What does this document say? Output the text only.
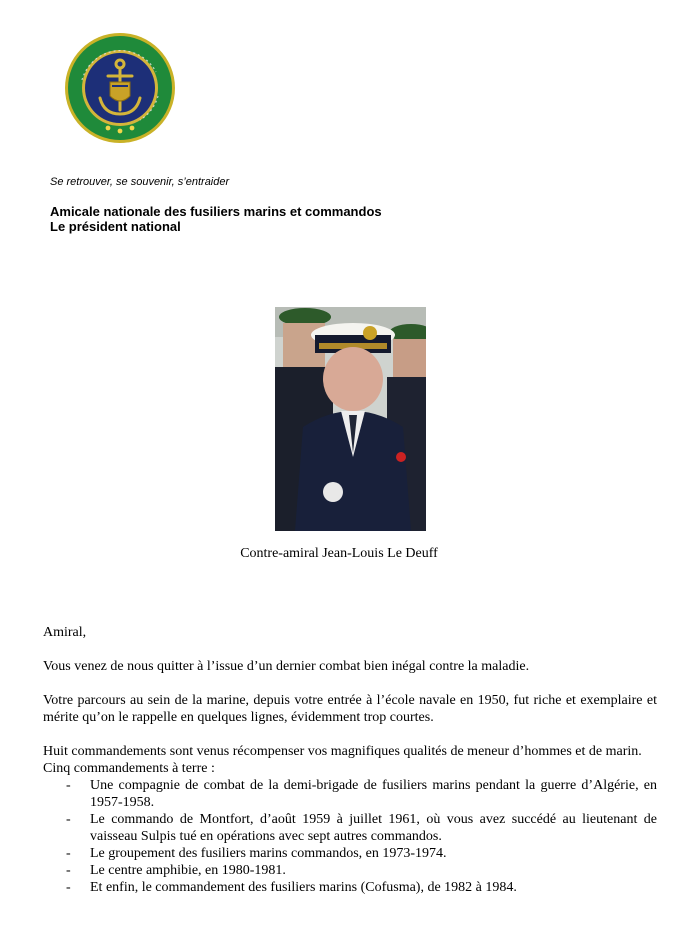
Se retrouver, se souvenir, s’entraider
Amicale nationale des fusiliers marins et commandos
Le président national
Contre-amiral Jean-Louis Le Deuff

Amiral,

Vous venez de nous quitter à l’issue d’un dernier combat bien inégal contre la maladie.

Votre parcours au sein de la marine, depuis votre entrée à l’école navale en 1950, fut riche et exemplaire et mérite qu’on le rappelle en quelques lignes, évidemment trop courtes.

Huit commandements sont venus récompenser vos magnifiques qualités de meneur d’hommes et de marin.

Cinq commandements à terre :

- Une compagnie de combat de la demi-brigade de fusiliers marins pendant la guerre d’Algérie, en 1957-1958.
- Le commando de Montfort, d’août 1959 à juillet 1961, où vous avez succédé au lieutenant de vaisseau Sulpis tué en opérations avec sept autres commandos.
- Le groupement des fusiliers marins commandos, en 1973-1974.
- Le centre amphibie, en 1980-1981.
- Et enfin, le commandement des fusiliers marins (Cofusma), de 1982 à 1984.
